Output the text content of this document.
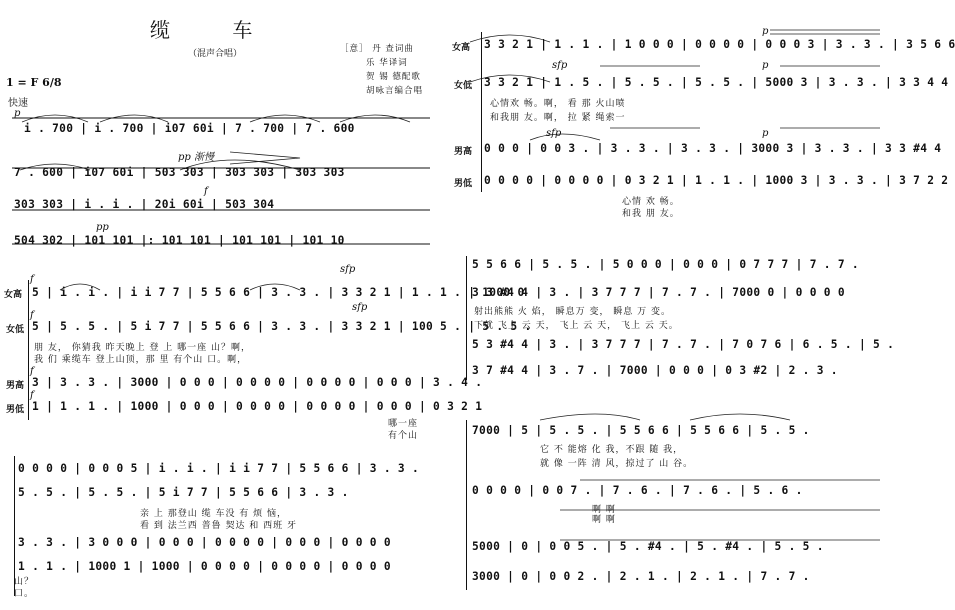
缆 车
（混声合唱）	［意］ 丹 查词曲
乐 华译词
贺 锡 德配歌
胡咏言编合唱
1 = F 6/8
快速
p
i . 700 | i . 700 | i07 60i | 7 . 700 | 7 . 600
pp 渐慢
7 . 600 | i07 60i | 503 303 | 303 303 | 303 303
f
303 303 | i . i . | 20i 60i | 503 304
pp
504 302 | 101 101 |: 101 101 | 101 101 | 101 10
女高
f
sfp
5 | i . i . | i i 7 7 | 5 5 6 6 | 3 . 3 . | 3 3 2 1 | 1 . 1 . | 1000 0
女低
f
sfp
5 | 5 . 5 . | 5 i 7 7 | 5 5 6 6 | 3 . 3 . | 3 3 2 1 | 100 5 . | 5 . 5 .
朋 友， 你猜我 昨天晚上 登 上 哪一座 山？啊，
我 们 乘缆车 登上山顶，那 里 有个山 口。啊，
男高
f
3 | 3 . 3 . | 3000 | 0 0 0 | 0 0 0 0 | 0 0 0 0 | 0 0 0 | 3 . 4 .
男低
f
1 | 1 . 1 . | 1000 | 0 0 0 | 0 0 0 0 | 0 0 0 0 | 0 0 0 | 0 3 2 1
哪一座
有个山
0 0 0 0 | 0 0 0 5 | i . i . | i i 7 7 | 5 5 6 6 | 3 . 3 .
5 . 5 . | 5 . 5 . | 5 i 7 7 | 5 5 6 6 | 3 . 3 .
亲 上 那登山 缆 车没 有 烦 恼，
看 到 法兰西 普鲁 契达 和 西班 牙
3 . 3 . | 3 0 0 0 | 0 0 0 | 0 0 0 0 | 0 0 0 | 0 0 0 0
1 . 1 . | 1000 1 | 1000 | 0 0 0 0 | 0 0 0 0 | 0 0 0 0
山？
口。
女高
p
3 3 2 1 | 1 . 1 . | 1 0 0 0 | 0 0 0 0 | 0 0 0 3 | 3 . 3 . | 3 5 6 6
女低
sfp	p
3 3 2 1 | 1 . 5 . | 5 . 5 . | 5 . 5 . | 5000 3 | 3 . 3 . | 3 3 4 4
心情欢 畅。啊， 看 那 火山喷
和我朋 友。啊， 拉 紧 绳索一
男高
sfp	p
0 0 0 | 0 0 3 . | 3 . 3 . | 3 . 3 . | 3000 3 | 3 . 3 . | 3 3 #4 4
男低 0 0 0 0 | 0 0 0 0 | 0 3 2 1 | 1 . 1 . | 1000 3 | 3 . 3 . | 3 7 2 2
心情 欢 畅。
和我 朋 友。
5 5 6 6 | 5 . 5 . | 5 0 0 0 | 0 0 0 | 0 7 7 7 | 7 . 7 .
3 3 #4 4 | 3 . | 3 7 7 7 | 7 . 7 . | 7000 0 | 0 0 0 0
射出熊熊 火 焰， 瞬息万 变， 瞬息 万 变。
下就 飞上 云 天， 飞上 云 天， 飞上 云 天。
5 3 #4 4 | 3 . | 3 7 7 7 | 7 . 7 . | 7 0 7 6 | 6 . 5 . | 5 .
3 7 #4 4 | 3 . 7 . | 7000 | 0 0 0 | 0 3 #2 | 2 . 3 .
7000 | 5 | 5 . 5 . | 5 5 6 6 | 5 5 6 6 | 5 . 5 .
它 不 能熔 化 我，不跟 随 我，
就 像 一阵 清 风，掠过了 山 谷。
0 0 0 0 | 0 0 7 . | 7 . 6 . | 7 . 6 . | 5 . 6 .
啊 啊
啊 啊
5000 | 0 | 0 0 5 . | 5 . #4 . | 5 . #4 . | 5 . 5 .
3000 | 0 | 0 0 2 . | 2 . 1 . | 2 . 1 . | 7 . 7 .
